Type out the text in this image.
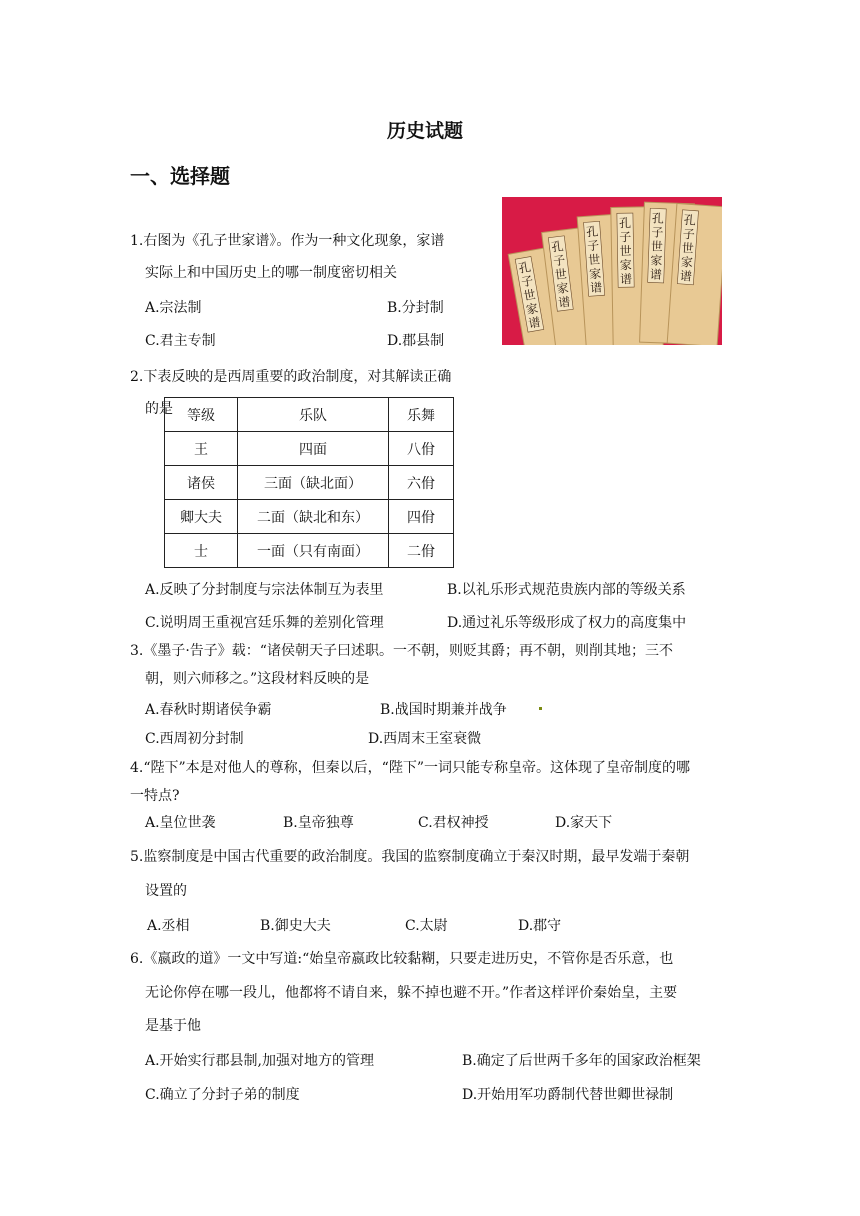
历史试题
一、选择题
孔
子
世
家
谱
孔
子
世
家
谱
孔
子
世
家
谱
孔
子
世
家
谱
孔
子
世
家
谱
孔
子
世
家
谱
1.右图为《孔子世家谱》。作为一种文化现象，家谱
实际上和中国历史上的哪一制度密切相关
A.宗法制	B.分封制
C.君主专制	D.郡县制
2.下表反映的是西周重要的政治制度，对其解读正确
的是 等级	乐队	乐舞
王	四面	八佾
诸侯	三面（缺北面）	六佾
卿大夫	二面（缺北和东）	四佾
士	一面（只有南面）	二佾
A.反映了分封制度与宗法体制互为表里	B.以礼乐形式规范贵族内部的等级关系
C.说明周王重视宫廷乐舞的差别化管理	D.通过礼乐等级形成了权力的高度集中
3.《墨子·告子》载：“诸侯朝天子曰述职。一不朝，则贬其爵；再不朝，则削其地；三不
朝，则六师移之。”这段材料反映的是
A.春秋时期诸侯争霸	B.战国时期兼并战争
C.西周初分封制	D.西周末王室衰微
4.“陛下”本是对他人的尊称，但秦以后，“陛下”一词只能专称皇帝。这体现了皇帝制度的哪
一特点?
A.皇位世袭	B.皇帝独尊	C.君权神授	D.家天下
5.监察制度是中国古代重要的政治制度。我国的监察制度确立于秦汉时期，最早发端于秦朝
设置的
A.丞相	B.御史大夫	C.太尉	D.郡守
6.《嬴政的道》一文中写道:“始皇帝嬴政比较黏糊，只要走进历史，不管你是否乐意，也
无论你停在哪一段儿，他都将不请自来，躲不掉也避不开。”作者这样评价秦始皇，主要
是基于他
A.开始实行郡县制,加强对地方的管理	B.确定了后世两千多年的国家政治框架
C.确立了分封子弟的制度	D.开始用军功爵制代替世卿世禄制
